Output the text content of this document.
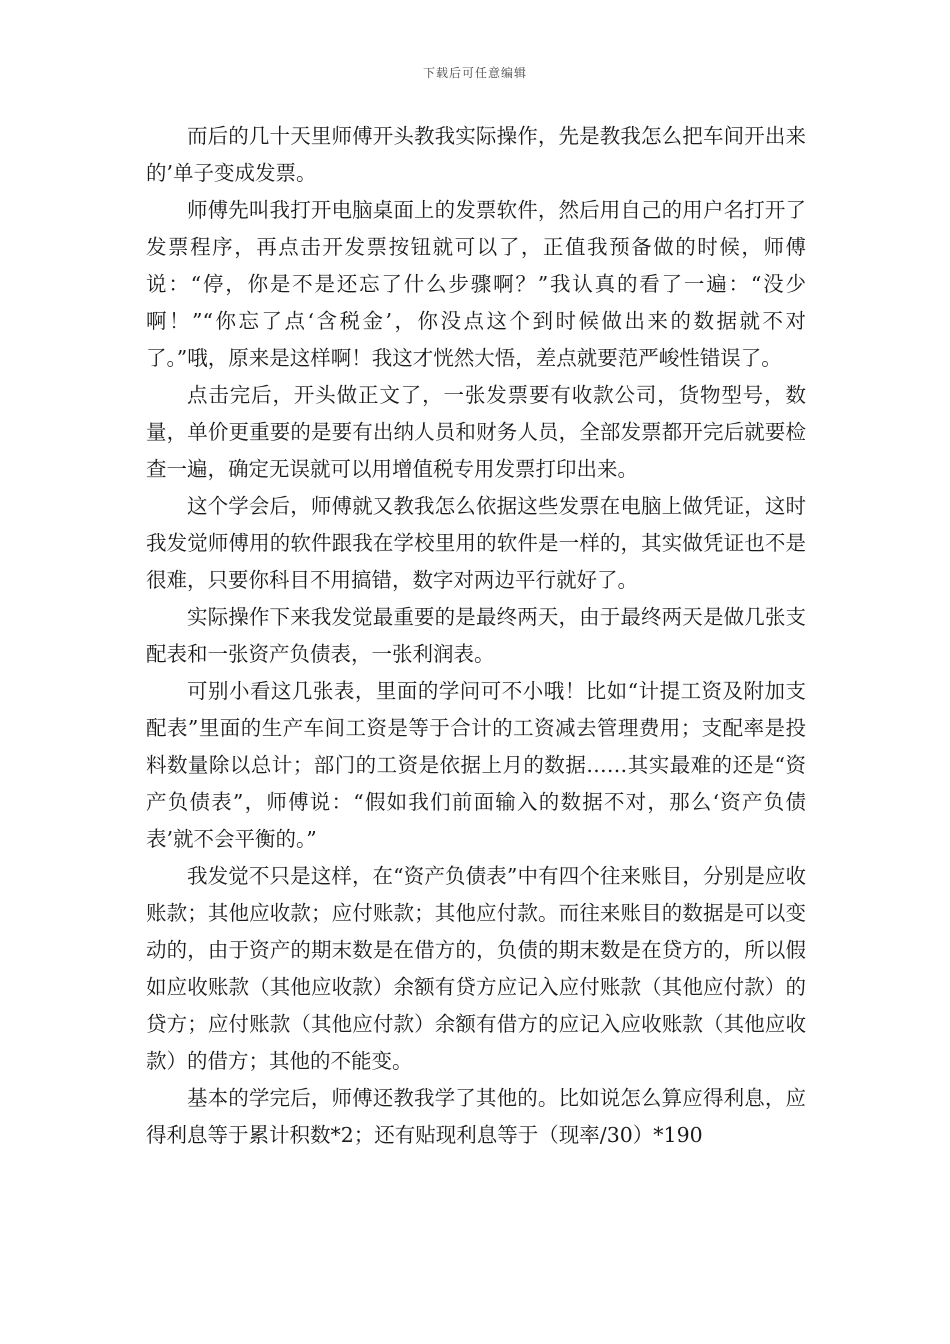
下载后可任意编辑

而后的几十天里师傅开头教我实际操作，先是教我怎么把车间开出来的’单子变成发票。

师傅先叫我打开电脑桌面上的发票软件，然后用自己的用户名打开了发票程序，再点击开发票按钮就可以了，正值我预备做的时候，师傅说：“停，你是不是还忘了什么步骤啊？”我认真的看了一遍：“没少啊！”“你忘了点‘含税金’，你没点这个到时候做出来的数据就不对了。”哦，原来是这样啊！我这才恍然大悟，差点就要范严峻性错误了。

点击完后，开头做正文了，一张发票要有收款公司，货物型号，数量，单价更重要的是要有出纳人员和财务人员，全部发票都开完后就要检查一遍，确定无误就可以用增值税专用发票打印出来。

这个学会后，师傅就又教我怎么依据这些发票在电脑上做凭证，这时我发觉师傅用的软件跟我在学校里用的软件是一样的，其实做凭证也不是很难，只要你科目不用搞错，数字对两边平行就好了。

实际操作下来我发觉最重要的是最终两天，由于最终两天是做几张支配表和一张资产负债表，一张利润表。

可别小看这几张表，里面的学问可不小哦！比如“计提工资及附加支配表”里面的生产车间工资是等于合计的工资减去管理费用；支配率是投料数量除以总计；部门的工资是依据上月的数据……其实最难的还是“资产负债表”，师傅说：“假如我们前面输入的数据不对，那么‘资产负债表’就不会平衡的。”

我发觉不只是这样，在“资产负债表”中有四个往来账目，分别是应收账款；其他应收款；应付账款；其他应付款。而往来账目的数据是可以变动的，由于资产的期末数是在借方的，负债的期末数是在贷方的，所以假如应收账款（其他应收款）余额有贷方应记入应付账款（其他应付款）的贷方；应付账款（其他应付款）余额有借方的应记入应收账款（其他应收款）的借方；其他的不能变。

基本的学完后，师傅还教我学了其他的。比如说怎么算应得利息，应得利息等于累计积数*2；还有贴现利息等于（现率/30）*190
